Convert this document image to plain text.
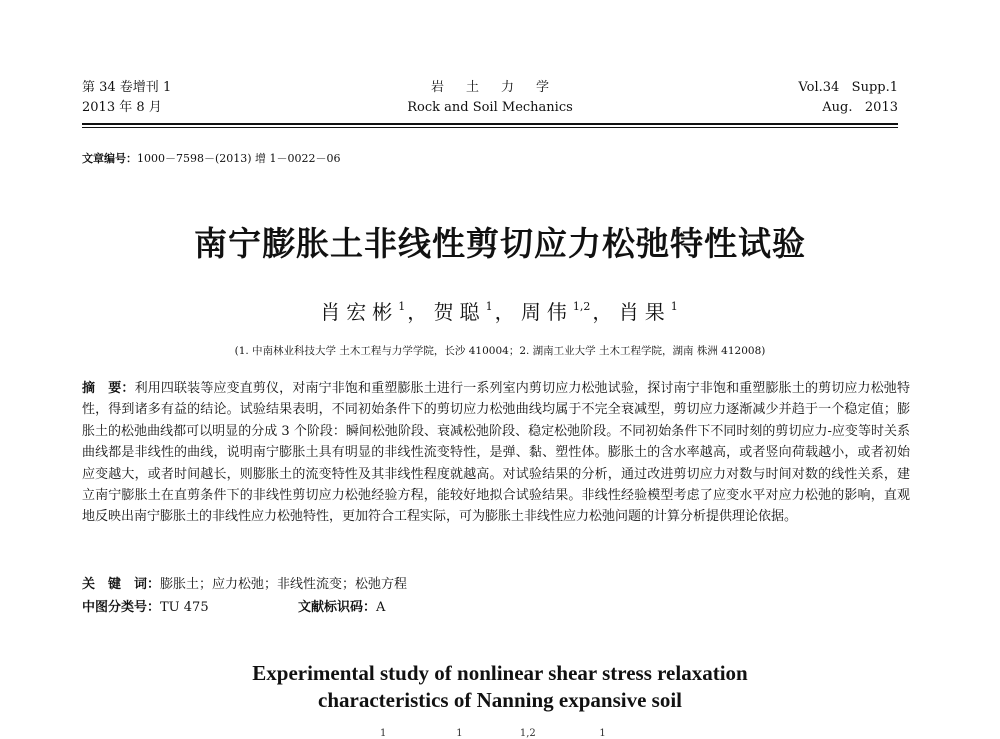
第 34 卷增刊 1
2013 年 8 月
岩土力学
Rock and Soil Mechanics
Vol.34   Supp.1
Aug.   2013
文章编号：1000－7598－(2013) 增 1－0022－06
南宁膨胀土非线性剪切应力松弛特性试验
肖宏彬$^1$ ， 贺聪$^1$ ， 周伟$^{1,2}$ ， 肖果$^1$
(1. 中南林业科技大学 土木工程与力学学院，长沙 410004；2. 湖南工业大学 土木工程学院，湖南 株洲 412008)
摘　要：利用四联装等应变直剪仪，对南宁非饱和重塑膨胀土进行一系列室内剪切应力松弛试验，探讨南宁非饱和重塑膨胀土的剪切应力松弛特性，得到诸多有益的结论。试验结果表明，不同初始条件下的剪切应力松弛曲线均属于不完全衰减型，剪切应力逐渐减少并趋于一个稳定值；膨胀土的松弛曲线都可以明显的分成 3 个阶段：瞬间松弛阶段、衰减松弛阶段、稳定松弛阶段。不同初始条件下不同时刻的剪切应力-应变等时关系曲线都是非线性的曲线，说明南宁膨胀土具有明显的非线性流变特性，是弹、黏、塑性体。膨胀土的含水率越高，或者竖向荷载越小，或者初始应变越大，或者时间越长，则膨胀土的流变特性及其非线性程度就越高。对试验结果的分析，通过改进剪切应力对数与时间对数的线性关系，建立南宁膨胀土在直剪条件下的非线性剪切应力松弛经验方程，能较好地拟合试验结果。非线性经验模型考虑了应变水平对应力松弛的影响，直观地反映出南宁膨胀土的非线性应力松弛特性，更加符合工程实际，可为膨胀土非线性应力松弛问题的计算分析提供理论依据。
关　键　词：膨胀土；应力松弛；非线性流变；松弛方程
中图分类号：TU 475	文献标识码：A
Experimental study of nonlinear shear stress relaxation
characteristics of Nanning expansive soil
1                      1                  1,2                    1
